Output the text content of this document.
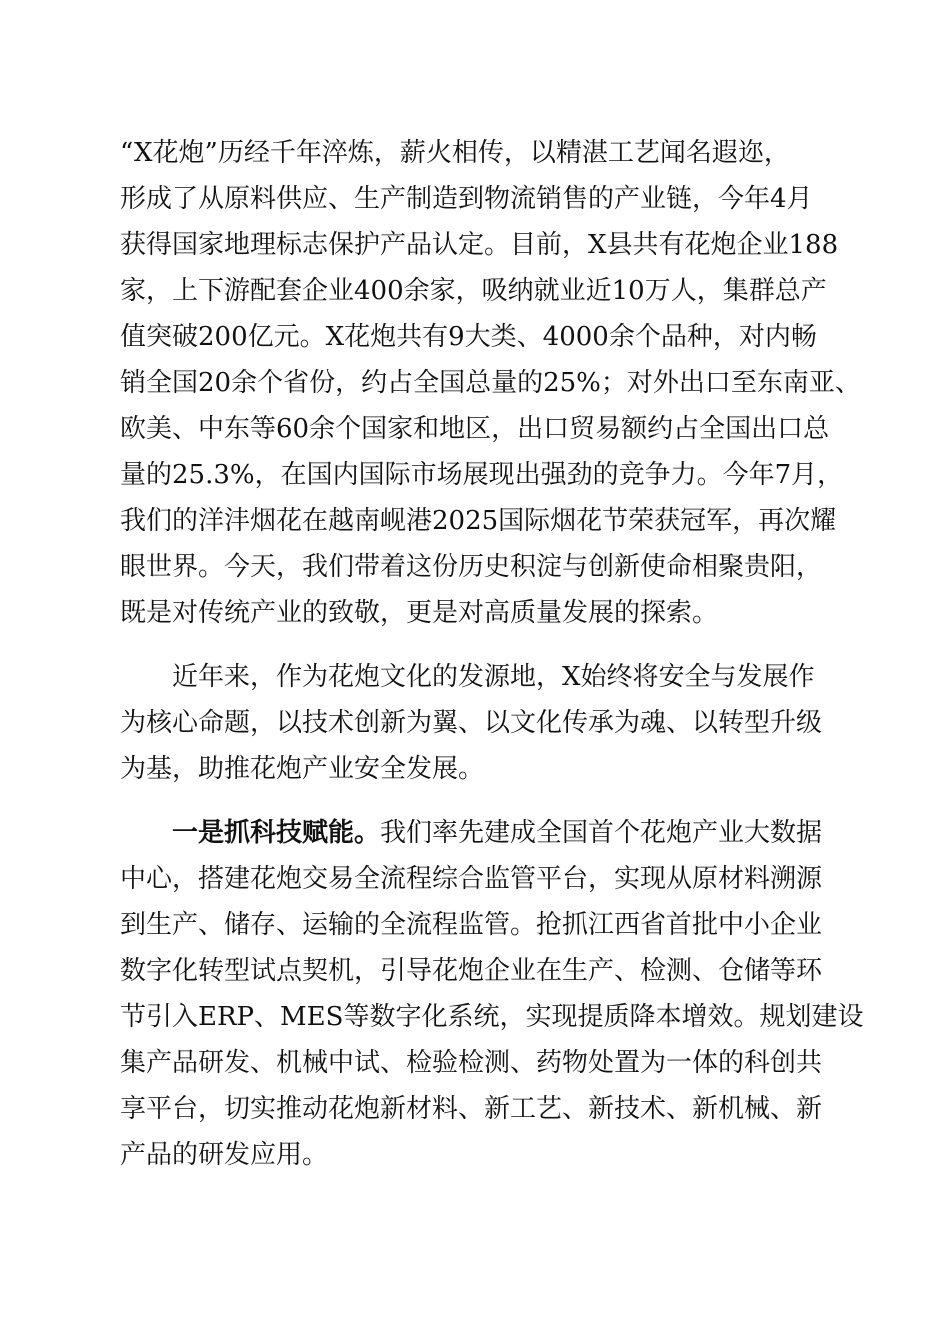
“X花炮”历经千年淬炼，薪火相传，以精湛工艺闻名遐迩，
形成了从原料供应、生产制造到物流销售的产业链，今年4月
获得国家地理标志保护产品认定。目前，X县共有花炮企业188
家，上下游配套企业400余家，吸纳就业近10万人，集群总产
值突破200亿元。X花炮共有9大类、4000余个品种，对内畅
销全国20余个省份，约占全国总量的25%；对外出口至东南亚、
欧美、中东等60余个国家和地区，出口贸易额约占全国出口总
量的25.3%，在国内国际市场展现出强劲的竞争力。今年7月，
我们的洋沣烟花在越南岘港2025国际烟花节荣获冠军，再次耀
眼世界。今天，我们带着这份历史积淀与创新使命相聚贵阳，
既是对传统产业的致敬，更是对高质量发展的探索。
近年来，作为花炮文化的发源地，X始终将安全与发展作
为核心命题，以技术创新为翼、以文化传承为魂、以转型升级
为基，助推花炮产业安全发展。
一是抓科技赋能。我们率先建成全国首个花炮产业大数据
中心，搭建花炮交易全流程综合监管平台，实现从原材料溯源
到生产、储存、运输的全流程监管。抢抓江西省首批中小企业
数字化转型试点契机，引导花炮企业在生产、检测、仓储等环
节引入ERP、MES等数字化系统，实现提质降本增效。规划建设
集产品研发、机械中试、检验检测、药物处置为一体的科创共
享平台，切实推动花炮新材料、新工艺、新技术、新机械、新
产品的研发应用。
